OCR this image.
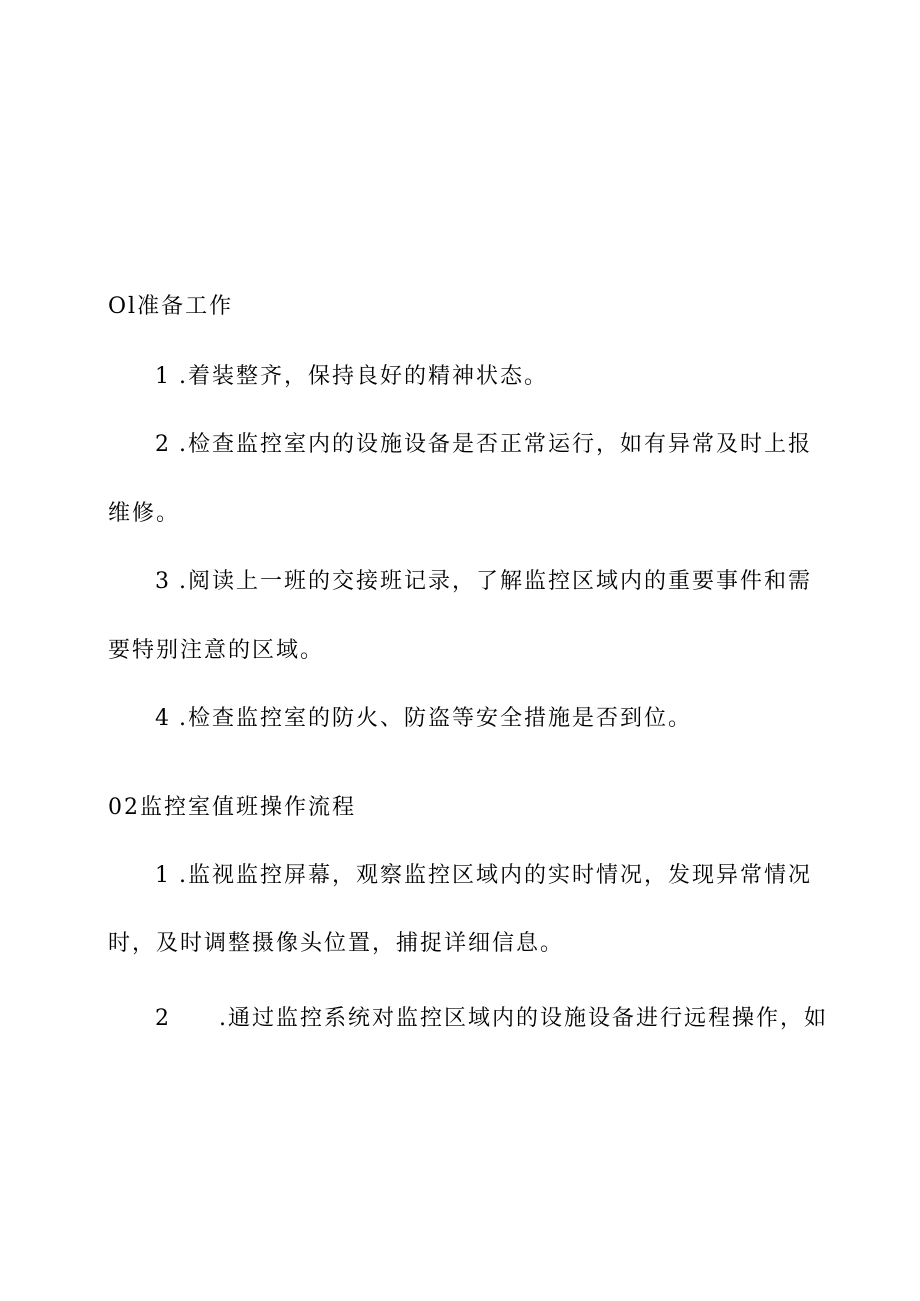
Ol准备工作
1 .着装整齐，保持良好的精神状态。
2 .检查监控室内的设施设备是否正常运行，如有异常及时上报
维修。
3 .阅读上一班的交接班记录，了解监控区域内的重要事件和需
要特别注意的区域。
4 .检查监控室的防火、防盗等安全措施是否到位。
02监控室值班操作流程
1 .监视监控屏幕，观察监控区域内的实时情况，发现异常情况
时，及时调整摄像头位置，捕捉详细信息。
2 .通过监控系统对监控区域内的设施设备进行远程操作，如
